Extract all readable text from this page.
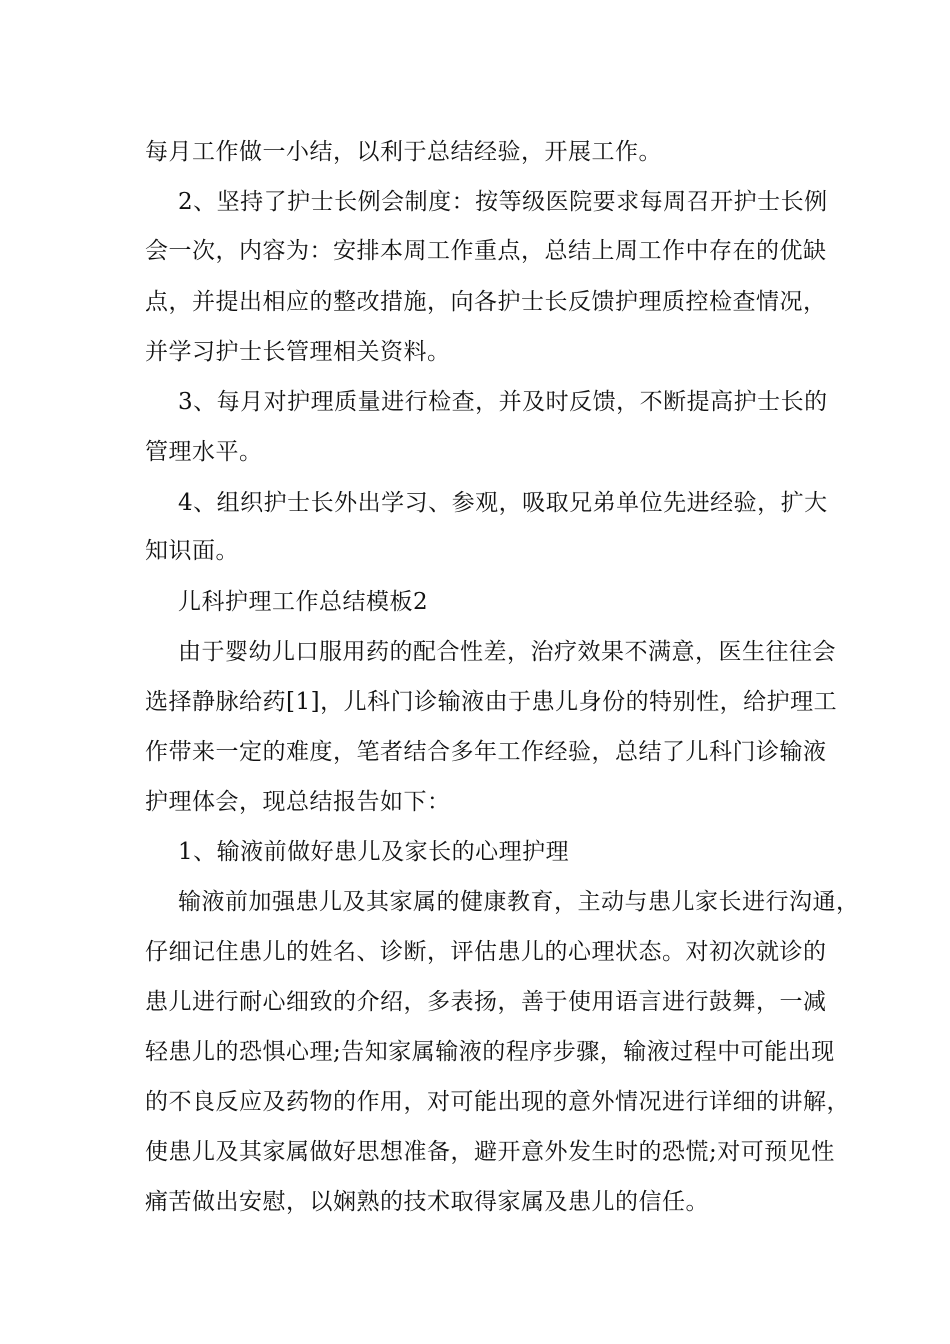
每月工作做一小结，以利于总结经验，开展工作。
2、坚持了护士长例会制度：按等级医院要求每周召开护士长例
会一次，内容为：安排本周工作重点，总结上周工作中存在的优缺
点，并提出相应的整改措施，向各护士长反馈护理质控检查情况，
并学习护士长管理相关资料。
3、每月对护理质量进行检查，并及时反馈，不断提高护士长的
管理水平。
4、组织护士长外出学习、参观，吸取兄弟单位先进经验，扩大
知识面。
儿科护理工作总结模板2
由于婴幼儿口服用药的配合性差，治疗效果不满意，医生往往会
选择静脉给药[1]，儿科门诊输液由于患儿身份的特别性，给护理工
作带来一定的难度，笔者结合多年工作经验，总结了儿科门诊输液
护理体会，现总结报告如下：
1、输液前做好患儿及家长的心理护理
输液前加强患儿及其家属的健康教育，主动与患儿家长进行沟通，
仔细记住患儿的姓名、诊断，评估患儿的心理状态。对初次就诊的
患儿进行耐心细致的介绍，多表扬，善于使用语言进行鼓舞，一减
轻患儿的恐惧心理;告知家属输液的程序步骤，输液过程中可能出现
的不良反应及药物的作用，对可能出现的意外情况进行详细的讲解，
使患儿及其家属做好思想准备，避开意外发生时的恐慌;对可预见性
痛苦做出安慰，以娴熟的技术取得家属及患儿的信任。
